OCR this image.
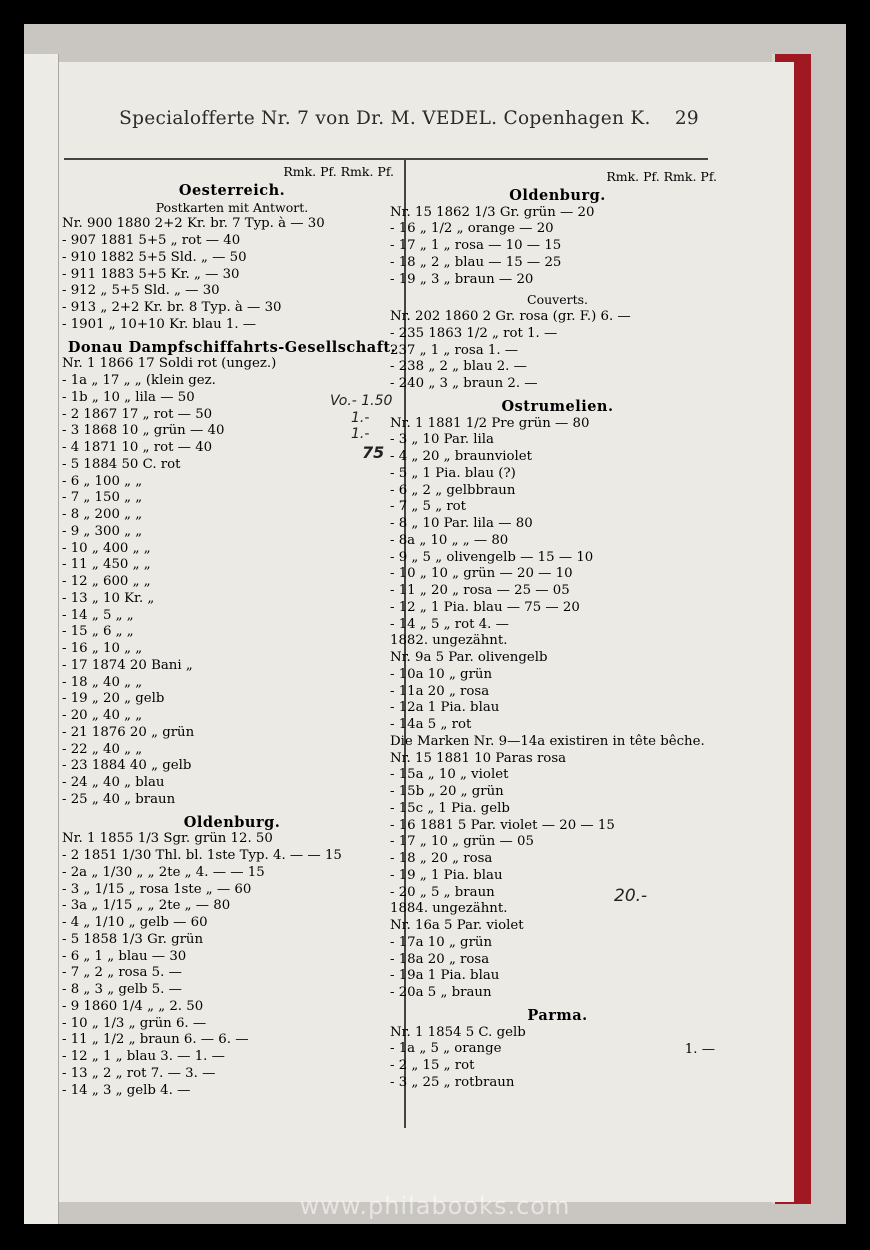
Specialofferte Nr. 7 von Dr. M. VEDEL. Copenhagen K. 29
Rmk. Pf. Rmk. Pf.
Oesterreich.
Postkarten mit Antwort.
Nr. 900 1880 2+2 Kr. br. 7 Typ. à — 30
- 907 1881 5+5 „ rot — 40
- 910 1882 5+5 Sld. „ — 50
- 911 1883 5+5 Kr. „ — 30
- 912 „ 5+5 Sld. „ — 30
- 913 „ 2+2 Kr. br. 8 Typ. à — 30
- 1901 „ 10+10 Kr. blau 1. —
Donau Dampfschiffahrts-Gesellschaft.
Nr. 1 1866 17 Soldi rot (ungez.)
- 1a „ 17 „ „ (klein gez.
- 1b „ 10 „ lila — 50
- 2 1867 17 „ rot — 50
- 3 1868 10 „ grün — 40
- 4 1871 10 „ rot — 40
- 5 1884 50 C. rot
- 6 „ 100 „ „
- 7 „ 150 „ „
- 8 „ 200 „ „
- 9 „ 300 „ „
- 10 „ 400 „ „
- 11 „ 450 „ „
- 12 „ 600 „ „
- 13 „ 10 Kr. „
- 14 „ 5 „ „
- 15 „ 6 „ „
- 16 „ 10 „ „
- 17 1874 20 Bani „
- 18 „ 40 „ „
- 19 „ 20 „ gelb
- 20 „ 40 „ „
- 21 1876 20 „ grün
- 22 „ 40 „ „
- 23 1884 40 „ gelb
- 24 „ 40 „ blau
- 25 „ 40 „ braun
Oldenburg.
Nr. 1 1855 1/3 Sgr. grün 12. 50
- 2 1851 1/30 Thl. bl. 1ste Typ. 4. — — 15
- 2a „ 1/30 „ „ 2te „ 4. — — 15
- 3 „ 1/15 „ rosa 1ste „ — 60
- 3a „ 1/15 „ „ 2te „ — 80
- 4 „ 1/10 „ gelb — 60
- 5 1858 1/3 Gr. grün
- 6 „ 1 „ blau — 30
- 7 „ 2 „ rosa 5. —
- 8 „ 3 „ gelb 5. —
- 9 1860 1/4 „ „ 2. 50
- 10 „ 1/3 „ grün 6. —
- 11 „ 1/2 „ braun 6. — 6. —
- 12 „ 1 „ blau 3. — 1. —
- 13 „ 2 „ rot 7. — 3. —
- 14 „ 3 „ gelb 4. —
Rmk. Pf. Rmk. Pf.
Oldenburg.
Nr. 15 1862 1/3 Gr. grün — 20
- 16 „ 1/2 „ orange — 20
- 17 „ 1 „ rosa — 10 — 15
- 18 „ 2 „ blau — 15 — 25
- 19 „ 3 „ braun — 20
Couverts.
Nr. 202 1860 2 Gr. rosa (gr. F.) 6. —
- 235 1863 1/2 „ rot 1. —
237 „ 1 „ rosa 1. —
- 238 „ 2 „ blau 2. —
- 240 „ 3 „ braun 2. —
Ostrumelien.
Nr. 1 1881 1/2 Pre grün — 80
- 3 „ 10 Par. lila
- 4 „ 20 „ braunviolet
- 5 „ 1 Pia. blau (?)
- 6 „ 2 „ gelbbraun
- 7 „ 5 „ rot
- 8 „ 10 Par. lila — 80
- 8a „ 10 „ „ — 80
- 9 „ 5 „ olivengelb — 15 — 10
- 10 „ 10 „ grün — 20 — 10
- 11 „ 20 „ rosa — 25 — 05
- 12 „ 1 Pia. blau — 75 — 20
- 14 „ 5 „ rot 4. —
1882. ungezähnt.
Nr. 9a 5 Par. olivengelb
- 10a 10 „ grün
- 11a 20 „ rosa
- 12a 1 Pia. blau
- 14a 5 „ rot
Die Marken Nr. 9—14a existiren in tête bêche.
Nr. 15 1881 10 Paras rosa
- 15a „ 10 „ violet
- 15b „ 20 „ grün
- 15c „ 1 Pia. gelb
- 16 1881 5 Par. violet — 20 — 15
- 17 „ 10 „ grün — 05
- 18 „ 20 „ rosa
- 19 „ 1 Pia. blau
- 20 „ 5 „ braun
1884. ungezähnt.
Nr. 16a 5 Par. violet
- 17a 10 „ grün
- 18a 20 „ rosa
- 19a 1 Pia. blau
- 20a 5 „ braun
Parma.
Nr. 1 1854 5 C. gelb
- 1a „ 5 „ orange
- 2 „ 15 „ rot
- 3 „ 25 „ rotbraun
1. —
Vo.- 1.50
1.-
1.-
75
20.-
www.philabooks.com
